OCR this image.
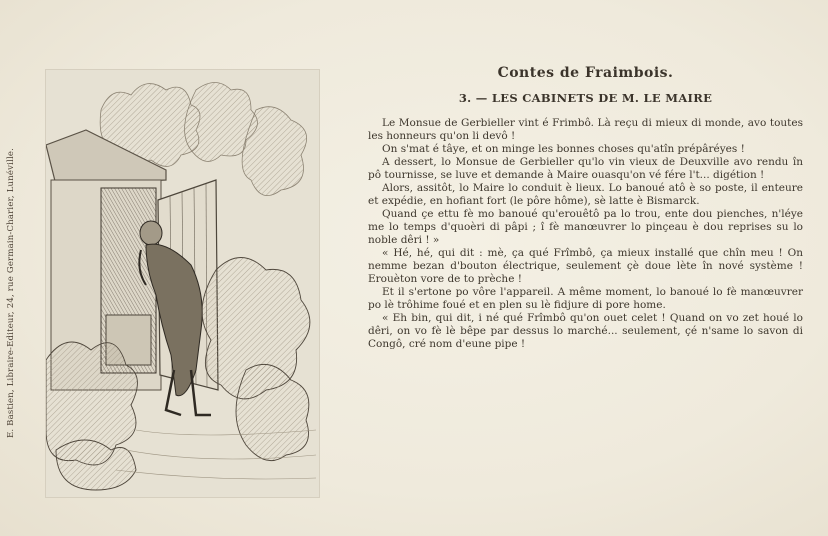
E. Bastien, Libraire-Editeur, 24, rue Germain-Charier, Lunéville.
Contes de Fraimbois.
3. — LES CABINETS DE M. LE MAIRE

Le Monsue de Gerbieller vint é Frimbô. Là reçu di mieux di monde, avo toutes les honneurs qu'on li devô !

On s'mat é tâye, et on minge les bonnes choses qu'atîn prépâréyes !

A dessert, lo Monsue de Gerbieller qu'lo vin vieux de Deuxville avo rendu în pô tournisse, se luve et demande à Maire ouasqu'on vé fére l't... digétion !

Alors, assitôt, lo Maire lo conduit è lieux. Lo banoué atô è so poste, il enteure et expédie, en hofiant fort (le pôre hôme), sè latte è Bismarck.

Quand çe ettu fè mo banoué qu'erouêtô pa lo trou, ente dou pienches, n'léye me lo temps d'quoèri di pâpi ; î fè manœuvrer lo pinçeau è dou reprises su lo noble dêri ! »

« Hé, hé, qui dit : mè, ça qué Frîmbô, ça mieux installé que chîn meu ! On nemme bezan d'bouton électrique, seulement çè doue lète în nové système ! Erouèton vore de to prèche !

Et il s'ertone po vôre l'appareil. A même moment, lo banoué lo fè manœuvrer po lè trôhime foué et en plen su lè fidjure di pore home.

« Eh bin, qui dit, i né qué Frîmbô qu'on ouet celet ! Quand on vo zet houé lo dêri, on vo fè lè bêpe par dessus lo marché... seulement, çé n'same lo savon di Congô, cré nom d'eune pipe !
